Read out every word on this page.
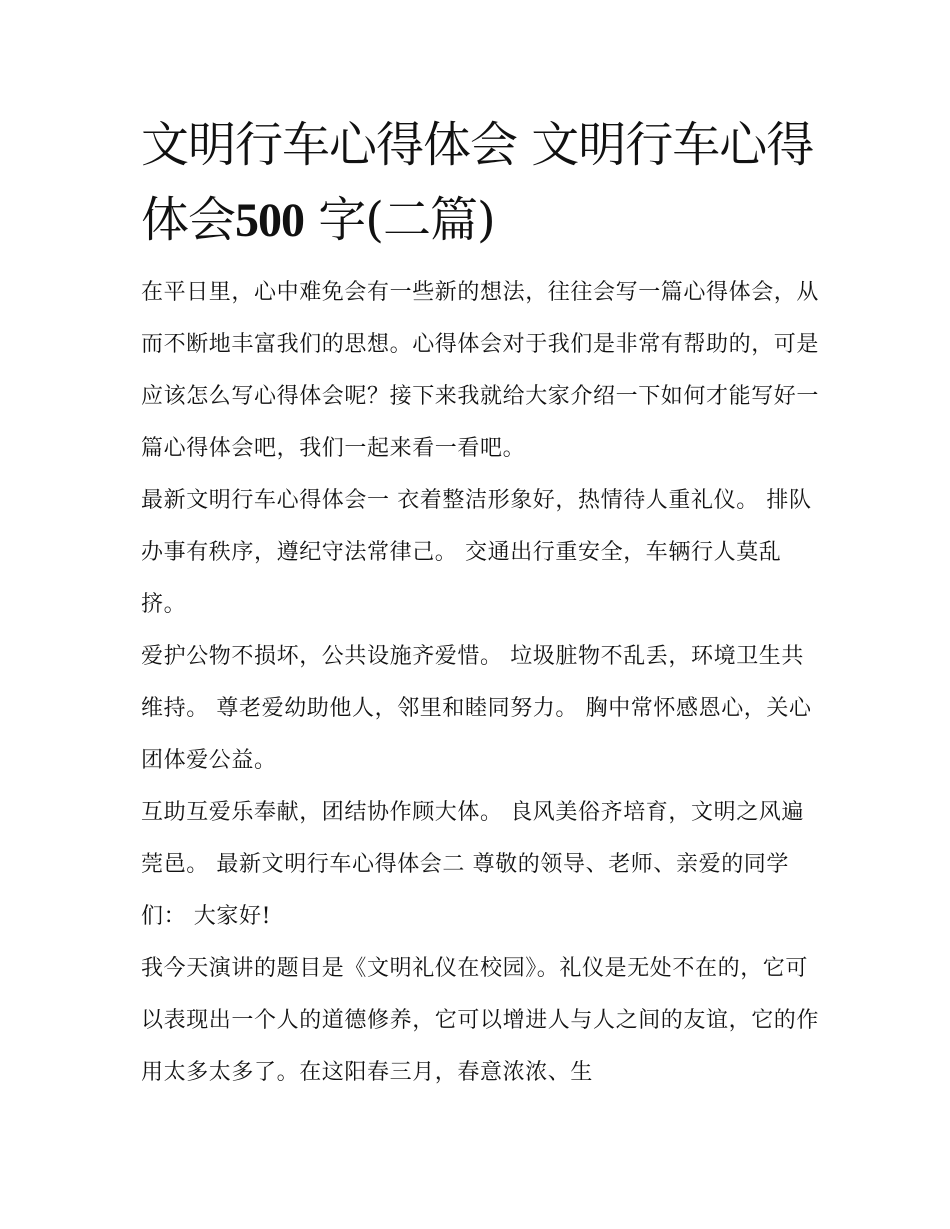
文明行车心得体会 文明行车心得体会500 字(二篇)

在平日里，心中难免会有一些新的想法，往往会写一篇心得体会，从而不断地丰富我们的思想。心得体会对于我们是非常有帮助的，可是应该怎么写心得体会呢？接下来我就给大家介绍一下如何才能写好一篇心得体会吧，我们一起来看一看吧。

最新文明行车心得体会一 衣着整洁形象好，热情待人重礼仪。 排队办事有秩序，遵纪守法常律己。 交通出行重安全，车辆行人莫乱挤。

爱护公物不损坏，公共设施齐爱惜。 垃圾脏物不乱丢，环境卫生共维持。 尊老爱幼助他人，邻里和睦同努力。 胸中常怀感恩心，关心团体爱公益。

互助互爱乐奉献，团结协作顾大体。 良风美俗齐培育，文明之风遍莞邑。 最新文明行车心得体会二 尊敬的领导、老师、亲爱的同学们： 大家好!

我今天演讲的题目是《文明礼仪在校园》。礼仪是无处不在的，它可以表现出一个人的道德修养，它可以增进人与人之间的友谊，它的作用太多太多了。在这阳春三月，春意浓浓、生
